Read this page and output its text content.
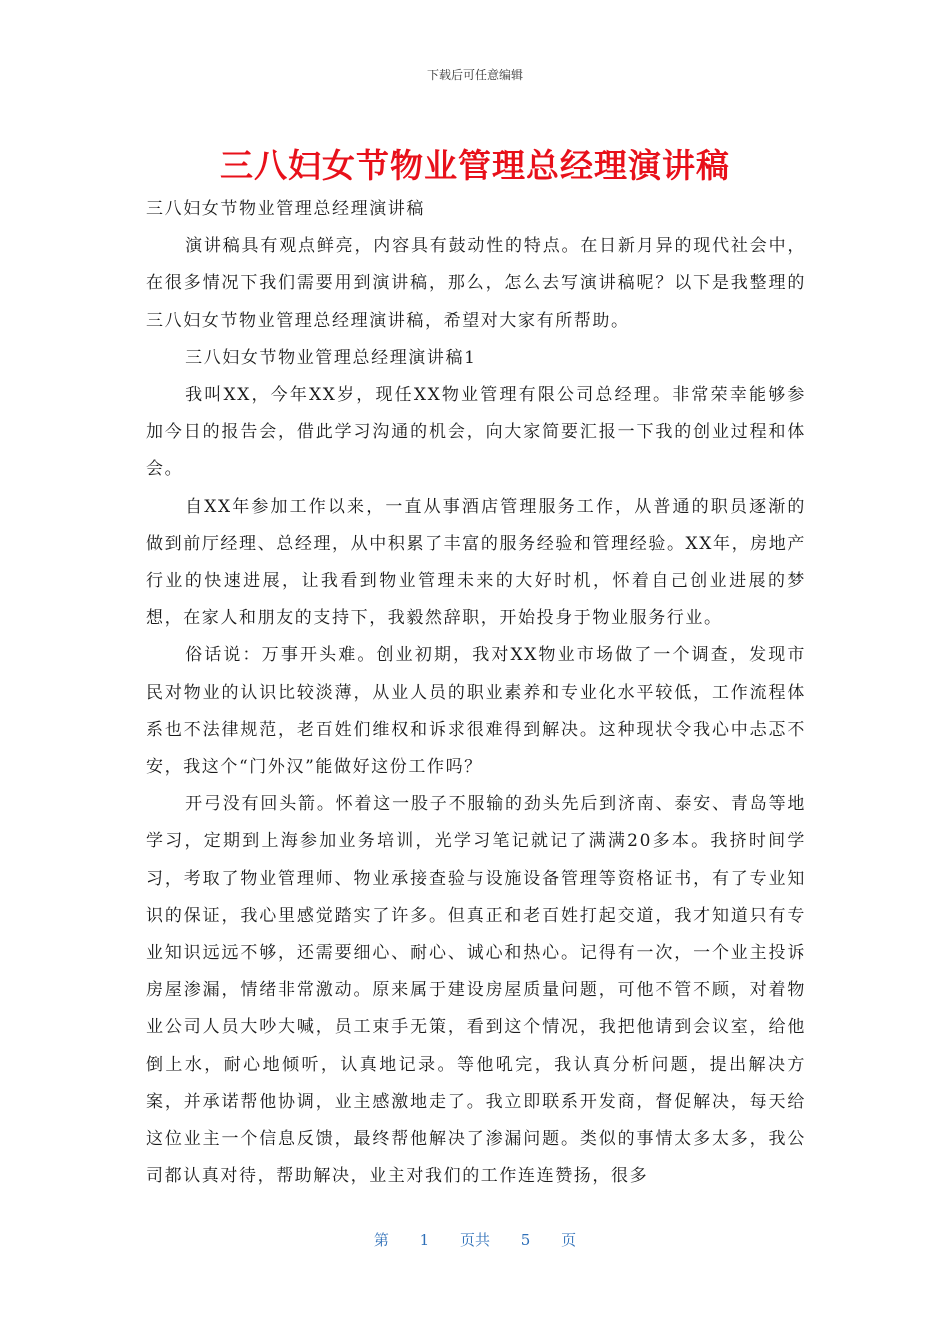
下载后可任意编辑
三八妇女节物业管理总经理演讲稿

三八妇女节物业管理总经理演讲稿

演讲稿具有观点鲜亮，内容具有鼓动性的特点。在日新月异的现代社会中，在很多情况下我们需要用到演讲稿，那么，怎么去写演讲稿呢？以下是我整理的三八妇女节物业管理总经理演讲稿，希望对大家有所帮助。

三八妇女节物业管理总经理演讲稿1

我叫XX，今年XX岁，现任XX物业管理有限公司总经理。非常荣幸能够参加今日的报告会，借此学习沟通的机会，向大家简要汇报一下我的创业过程和体会。

自XX年参加工作以来，一直从事酒店管理服务工作，从普通的职员逐渐的做到前厅经理、总经理，从中积累了丰富的服务经验和管理经验。XX年，房地产行业的快速进展，让我看到物业管理未来的大好时机，怀着自己创业进展的梦想，在家人和朋友的支持下，我毅然辞职，开始投身于物业服务行业。

俗话说：万事开头难。创业初期，我对XX物业市场做了一个调查，发现市民对物业的认识比较淡薄，从业人员的职业素养和专业化水平较低，工作流程体系也不法律规范，老百姓们维权和诉求很难得到解决。这种现状令我心中忐忑不安，我这个“门外汉”能做好这份工作吗？

开弓没有回头箭。怀着这一股子不服输的劲头先后到济南、泰安、青岛等地学习，定期到上海参加业务培训，光学习笔记就记了满满20多本。我挤时间学习，考取了物业管理师、物业承接查验与设施设备管理等资格证书，有了专业知识的保证，我心里感觉踏实了许多。但真正和老百姓打起交道，我才知道只有专业知识远远不够，还需要细心、耐心、诚心和热心。记得有一次，一个业主投诉房屋渗漏，情绪非常激动。原来属于建设房屋质量问题，可他不管不顾，对着物业公司人员大吵大喊，员工束手无策，看到这个情况，我把他请到会议室，给他倒上水，耐心地倾听，认真地记录。等他吼完，我认真分析问题，提出解决方案，并承诺帮他协调，业主感激地走了。我立即联系开发商，督促解决，每天给这位业主一个信息反馈，最终帮他解决了渗漏问题。类似的事情太多太多，我公司都认真对待，帮助解决，业主对我们的工作连连赞扬，很多

第 1 页共 5 页
